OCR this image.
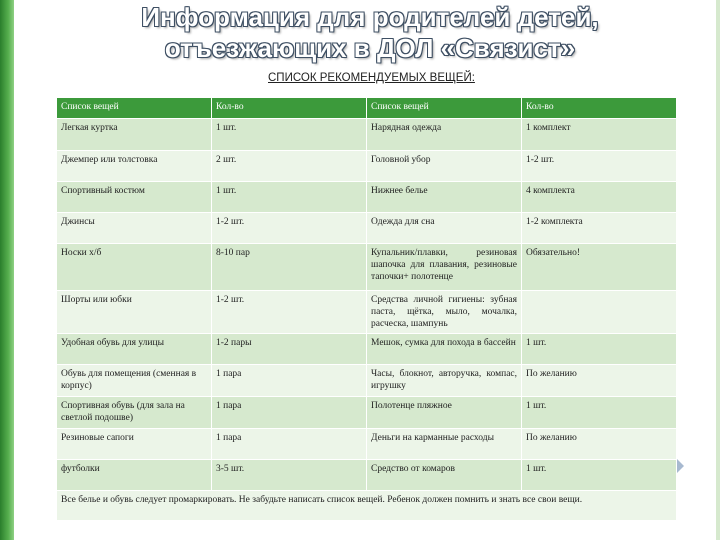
Информация для родителей детей,
отъезжающих в ДОЛ «Связист»
СПИСОК РЕКОМЕНДУЕМЫХ ВЕЩЕЙ:
Список вещей	Кол-во	Список вещей	Кол-во
Легкая куртка	1 шт.	Нарядная одежда	1 комплект
Джемпер или толстовка	2 шт.	Головной убор	1-2 шт.
Спортивный костюм	1 шт.	Нижнее белье	4 комплекта
Джинсы	1-2 шт.	Одежда для сна	1-2 комплекта
Носки х/б	8-10 пар	Купальник/плавки, резиновая шапочка для плавания, резиновые тапочки+ полотенце	Обязательно!
Шорты или юбки	1-2 шт.	Средства личной гигиены: зубная паста, щётка, мыло, мочалка, расческа, шампунь	
Удобная обувь для улицы	1-2 пары	Мешок, сумка для похода в бассейн	1 шт.
Обувь для помещения (сменная в корпус)	1 пара	Часы, блокнот, авторучка, компас, игрушку	По желанию
Спортивная обувь (для зала на светлой подошве)	1 пара	Полотенце пляжное	1 шт.
Резиновые сапоги	1 пара	Деньги на карманные расходы	По желанию
футболки	3-5 шт.	Средство от комаров	1 шт.
Все белье и обувь следует промаркировать. Не забудьте написать список вещей. Ребенок должен помнить и знать все свои вещи.			
